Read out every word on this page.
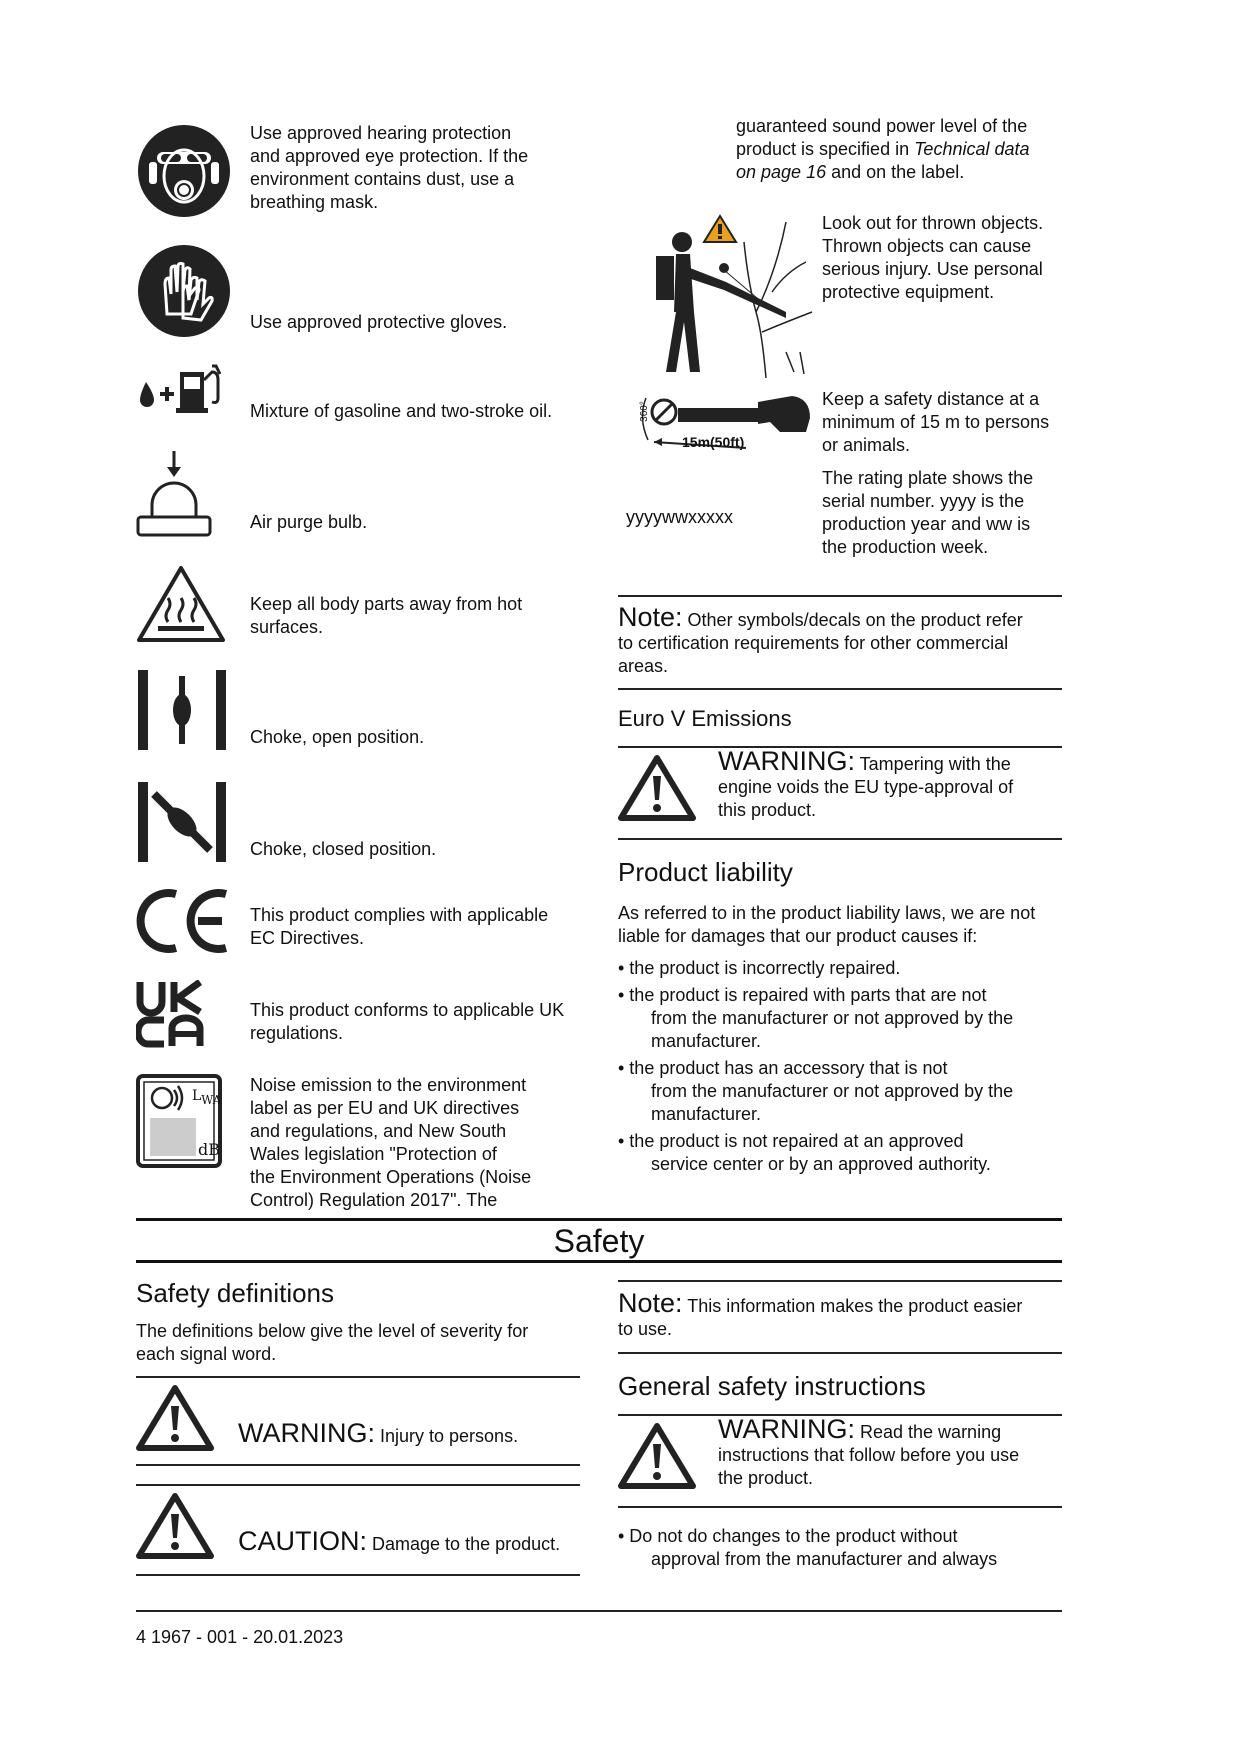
Use approved hearing protection
and approved eye protection. If the
environment contains dust, use a
breathing mask.
Use approved protective gloves.
Mixture of gasoline and two-stroke oil.
Air purge bulb.
Keep all body parts away from hot
surfaces.
Choke, open position.
Choke, closed position.
This product complies with applicable
EC Directives.
This product conforms to applicable UK
regulations.
$L_{WA}$
dB
Noise emission to the environment
label as per EU and UK directives
and regulations, and New South
Wales legislation "Protection of
the Environment Operations (Noise
Control) Regulation 2017". The
guaranteed sound power level of the
product is specified in Technical data
on page 16 and on the label.
Look out for thrown objects.
Thrown objects can cause
serious injury. Use personal
protective equipment.
360°
15m(50ft)
Keep a safety distance at a
minimum of 15 m to persons
or animals.
yyyywwxxxxx
The rating plate shows the
serial number. yyyy is the
production year and ww is
the production week.
Note: Other symbols/decals on the product refer
to certification requirements for other commercial
areas.
Euro V Emissions
WARNING: Tampering with the
engine voids the EU type-approval of
this product.
Product liability
As referred to in the product liability laws, we are not
liable for damages that our product causes if:
• the product is incorrectly repaired.
• the product is repaired with parts that are not
from the manufacturer or not approved by the
manufacturer.
• the product has an accessory that is not
from the manufacturer or not approved by the
manufacturer.
• the product is not repaired at an approved
service center or by an approved authority.
Safety
Safety definitions
The definitions below give the level of severity for
each signal word.
WARNING: Injury to persons.
CAUTION: Damage to the product.
Note: This information makes the product easier
to use.
General safety instructions
WARNING: Read the warning
instructions that follow before you use
the product.
• Do not do changes to the product without
approval from the manufacturer and always
4 1967 - 001 - 20.01.2023
